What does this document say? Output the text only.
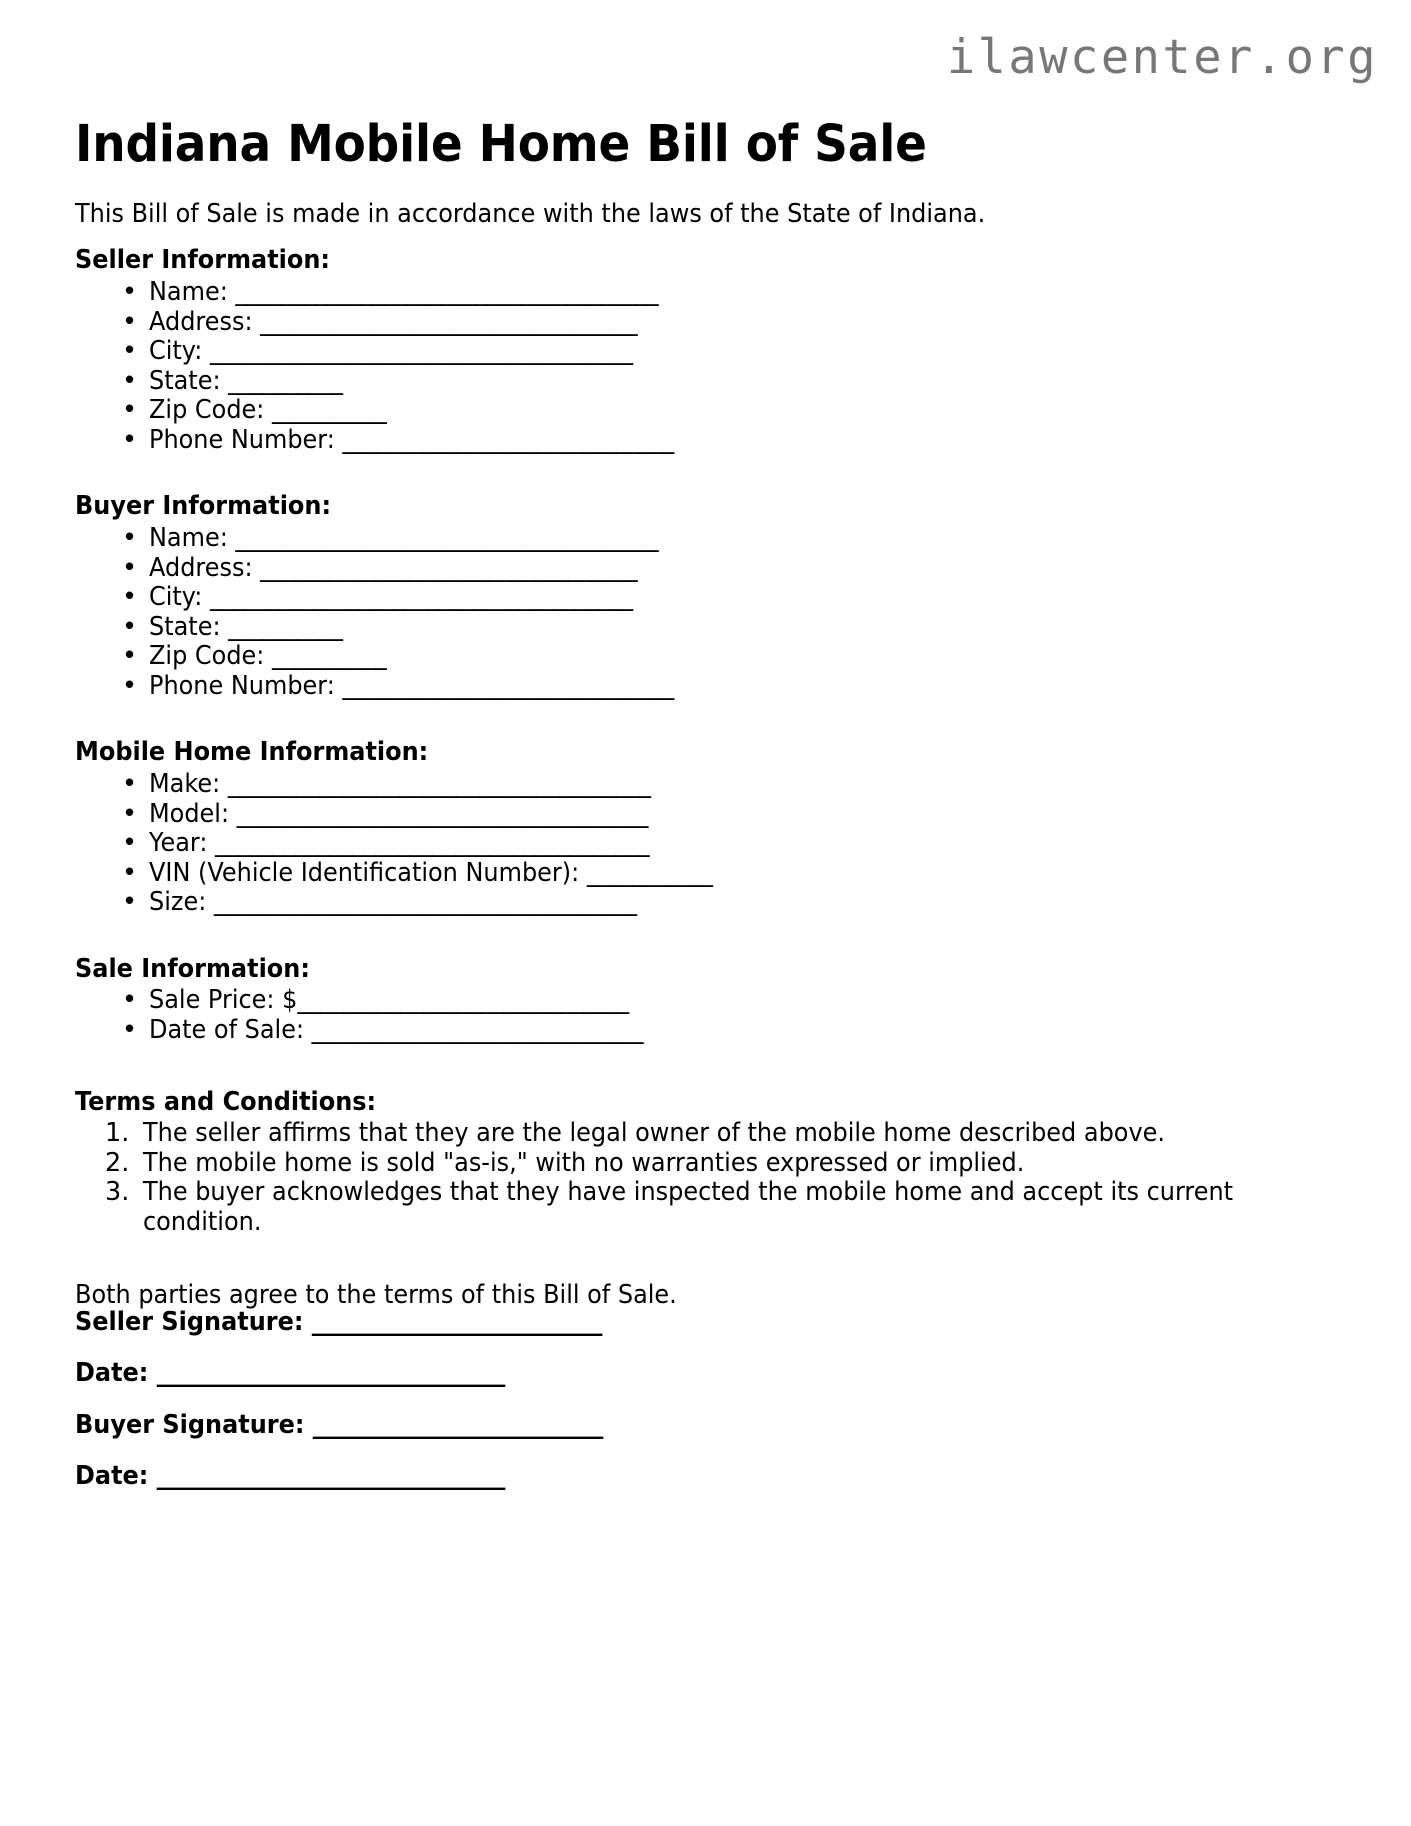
ilawcenter.org
Indiana Mobile Home Bill of Sale

This Bill of Sale is made in accordance with the laws of the State of Indiana.

Seller Information:
• Name: _____________________________________
• Address: _________________________________
• City: _____________________________________
• State: __________
• Zip Code: __________
• Phone Number: _____________________________
Buyer Information:
• Name: _____________________________________
• Address: _________________________________
• City: _____________________________________
• State: __________
• Zip Code: __________
• Phone Number: _____________________________
Mobile Home Information:
• Make: _____________________________________
• Model: ____________________________________
• Year: ______________________________________
• VIN (Vehicle Identification Number): ___________
• Size: _____________________________________
Sale Information:
• Sale Price: $_____________________________
• Date of Sale: _____________________________
Terms and Conditions:
1. The seller affirms that they are the legal owner of the mobile home described above.
2. The mobile home is sold "as-is," with no warranties expressed or implied.
3. The buyer acknowledges that they have inspected the mobile home and accept its current condition.

Both parties agree to the terms of this Bill of Sale.

Seller Signature: _________________________
Date: ______________________________
Buyer Signature: _________________________
Date: ______________________________
